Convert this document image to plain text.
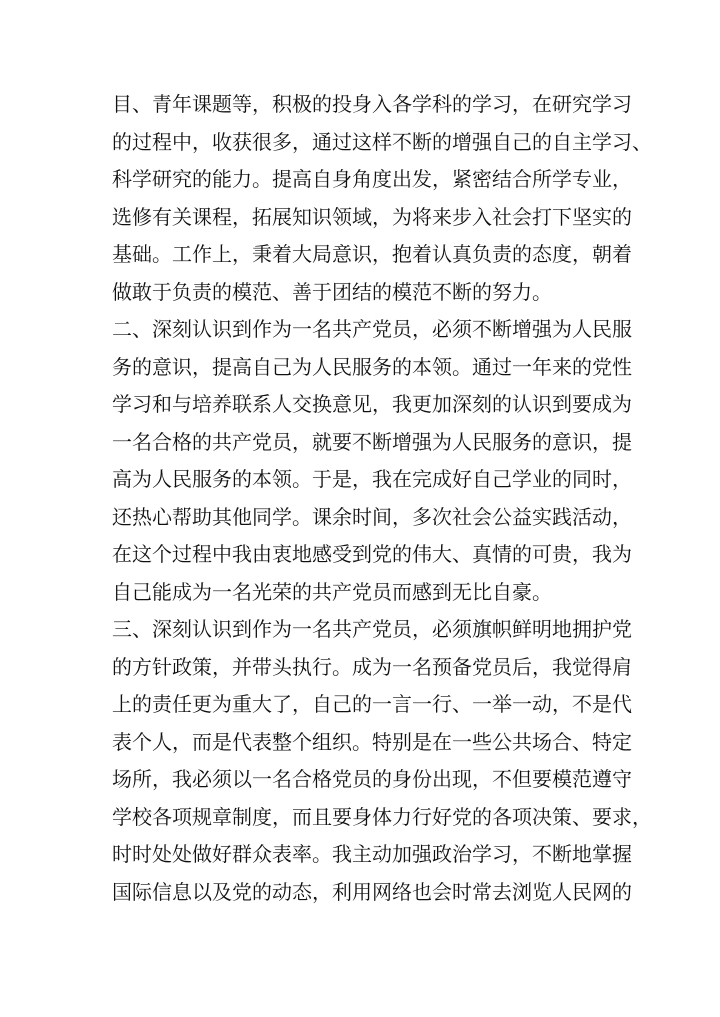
目、青年课题等，积极的投身入各学科的学习，在研究学习
的过程中，收获很多，通过这样不断的增强自己的自主学习、
科学研究的能力。提高自身角度出发，紧密结合所学专业，
选修有关课程，拓展知识领域，为将来步入社会打下坚实的
基础。工作上，秉着大局意识，抱着认真负责的态度，朝着
做敢于负责的模范、善于团结的模范不断的努力。
二、深刻认识到作为一名共产党员，必须不断增强为人民服
务的意识，提高自己为人民服务的本领。通过一年来的党性
学习和与培养联系人交换意见，我更加深刻的认识到要成为
一名合格的共产党员，就要不断增强为人民服务的意识，提
高为人民服务的本领。于是，我在完成好自己学业的同时，
还热心帮助其他同学。课余时间，多次社会公益实践活动，
在这个过程中我由衷地感受到党的伟大、真情的可贵，我为
自己能成为一名光荣的共产党员而感到无比自豪。
三、深刻认识到作为一名共产党员，必须旗帜鲜明地拥护党
的方针政策，并带头执行。成为一名预备党员后，我觉得肩
上的责任更为重大了，自己的一言一行、一举一动，不是代
表个人，而是代表整个组织。特别是在一些公共场合、特定
场所，我必须以一名合格党员的身份出现，不但要模范遵守
学校各项规章制度，而且要身体力行好党的各项决策、要求，
时时处处做好群众表率。我主动加强政治学习，不断地掌握
国际信息以及党的动态，利用网络也会时常去浏览人民网的
